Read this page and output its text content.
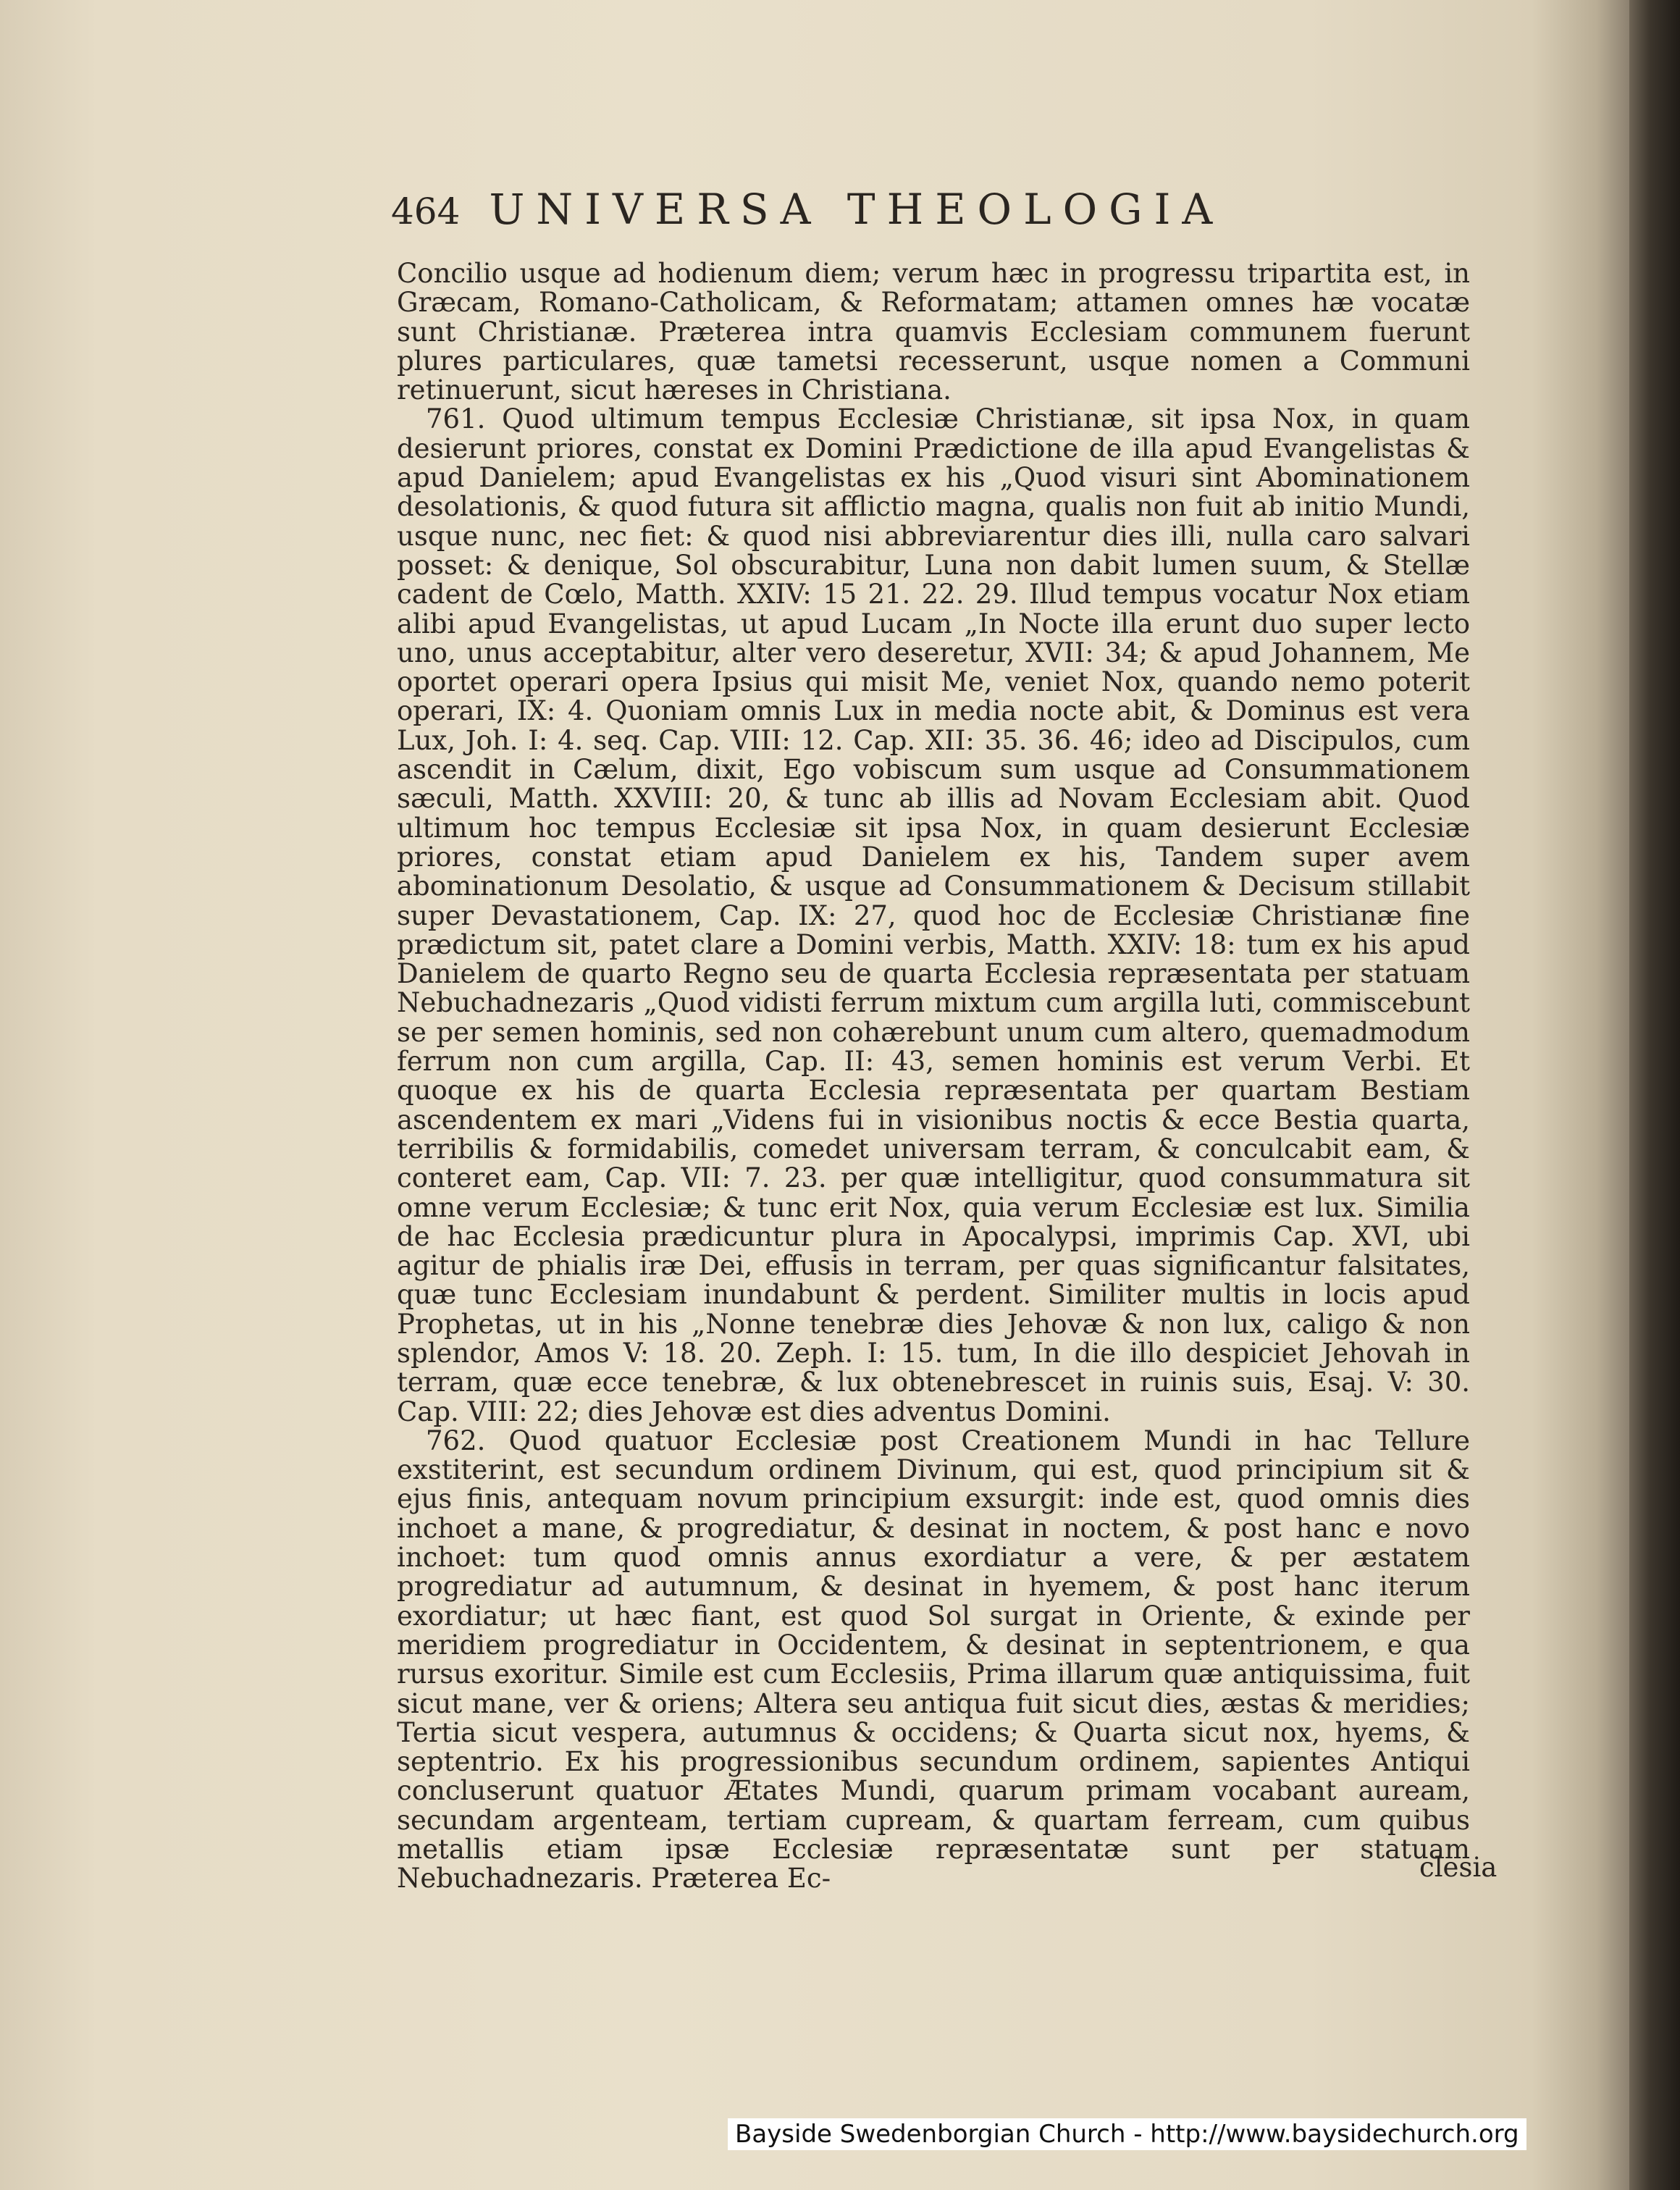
464 UNIVERSA THEOLOGIA

Concilio usque ad hodienum diem; verum hæc in progressu tripartita est, in Græcam, Romano-Catholicam, & Reformatam; attamen omnes hæ vocatæ sunt Christianæ. Præterea intra quamvis Ecclesiam communem fuerunt plures particulares, quæ tametsi recesserunt, usque nomen a Communi retinuerunt, sicut hæreses in Christiana.

761. Quod ultimum tempus Ecclesiæ Christianæ, sit ipsa Nox, in quam desierunt priores, constat ex Domini Prædictione de illa apud Evangelistas & apud Danielem; apud Evangelistas ex his „Quod visuri sint Abominationem desolationis, & quod futura sit afflictio magna, qualis non fuit ab initio Mundi, usque nunc, nec fiet: & quod nisi abbreviarentur dies illi, nulla caro salvari posset: & denique, Sol obscurabitur, Luna non dabit lumen suum, & Stellæ cadent de Cœlo, Matth. XXIV: 15 21. 22. 29. Illud tempus vocatur Nox etiam alibi apud Evangelistas, ut apud Lucam „In Nocte illa erunt duo super lecto uno, unus acceptabitur, alter vero deseretur, XVII: 34; & apud Johannem, Me oportet operari opera Ipsius qui misit Me, veniet Nox, quando nemo poterit operari, IX: 4. Quoniam omnis Lux in media nocte abit, & Dominus est vera Lux, Joh. I: 4. seq. Cap. VIII: 12. Cap. XII: 35. 36. 46; ideo ad Discipulos, cum ascendit in Cælum, dixit, Ego vobiscum sum usque ad Consummationem sæculi, Matth. XXVIII: 20, & tunc ab illis ad Novam Ecclesiam abit. Quod ultimum hoc tempus Ecclesiæ sit ipsa Nox, in quam desierunt Ecclesiæ priores, constat etiam apud Danielem ex his, Tandem super avem abominationum Desolatio, & usque ad Consummationem & Decisum stillabit super Devastationem, Cap. IX: 27, quod hoc de Ecclesiæ Christianæ fine prædictum sit, patet clare a Domini verbis, Matth. XXIV: 18: tum ex his apud Danielem de quarto Regno seu de quarta Ecclesia repræsentata per statuam Nebuchadnezaris „Quod vidisti ferrum mixtum cum argilla luti, commiscebunt se per semen hominis, sed non cohærebunt unum cum altero, quemadmodum ferrum non cum argilla, Cap. II: 43, semen hominis est verum Verbi. Et quoque ex his de quarta Ecclesia repræsentata per quartam Bestiam ascendentem ex mari „Videns fui in visionibus noctis & ecce Bestia quarta, terribilis & formidabilis, comedet universam terram, & conculcabit eam, & conteret eam, Cap. VII: 7. 23. per quæ intelligitur, quod consummatura sit omne verum Ecclesiæ; & tunc erit Nox, quia verum Ecclesiæ est lux. Similia de hac Ecclesia prædicuntur plura in Apocalypsi, imprimis Cap. XVI, ubi agitur de phialis iræ Dei, effusis in terram, per quas significantur falsitates, quæ tunc Ecclesiam inundabunt & perdent. Similiter multis in locis apud Prophetas, ut in his „Nonne tenebræ dies Jehovæ & non lux, caligo & non splendor, Amos V: 18. 20. Zeph. I: 15. tum, In die illo despiciet Jehovah in terram, quæ ecce tenebræ, & lux obtenebrescet in ruinis suis, Esaj. V: 30. Cap. VIII: 22; dies Jehovæ est dies adventus Domini.

762. Quod quatuor Ecclesiæ post Creationem Mundi in hac Tellure exstiterint, est secundum ordinem Divinum, qui est, quod principium sit & ejus finis, antequam novum principium exsurgit: inde est, quod omnis dies inchoet a mane, & progrediatur, & desinat in noctem, & post hanc e novo inchoet: tum quod omnis annus exordiatur a vere, & per æstatem progrediatur ad autumnum, & desinat in hyemem, & post hanc iterum exordiatur; ut hæc fiant, est quod Sol surgat in Oriente, & exinde per meridiem progrediatur in Occidentem, & desinat in septentrionem, e qua rursus exoritur. Simile est cum Ecclesiis, Prima illarum quæ antiquissima, fuit sicut mane, ver & oriens; Altera seu antiqua fuit sicut dies, æstas & meridies; Tertia sicut vespera, autumnus & occidens; & Quarta sicut nox, hyems, & septentrio. Ex his progressionibus secundum ordinem, sapientes Antiqui concluserunt quatuor Ætates Mundi, quarum primam vocabant auream, secundam argenteam, tertiam cupream, & quartam ferream, cum quibus metallis etiam ipsæ Ecclesiæ repræsentatæ sunt per statuam Nebuchadnezaris. Præterea Ec-	clesia
Bayside Swedenborgian Church - http://www.baysidechurch.org
